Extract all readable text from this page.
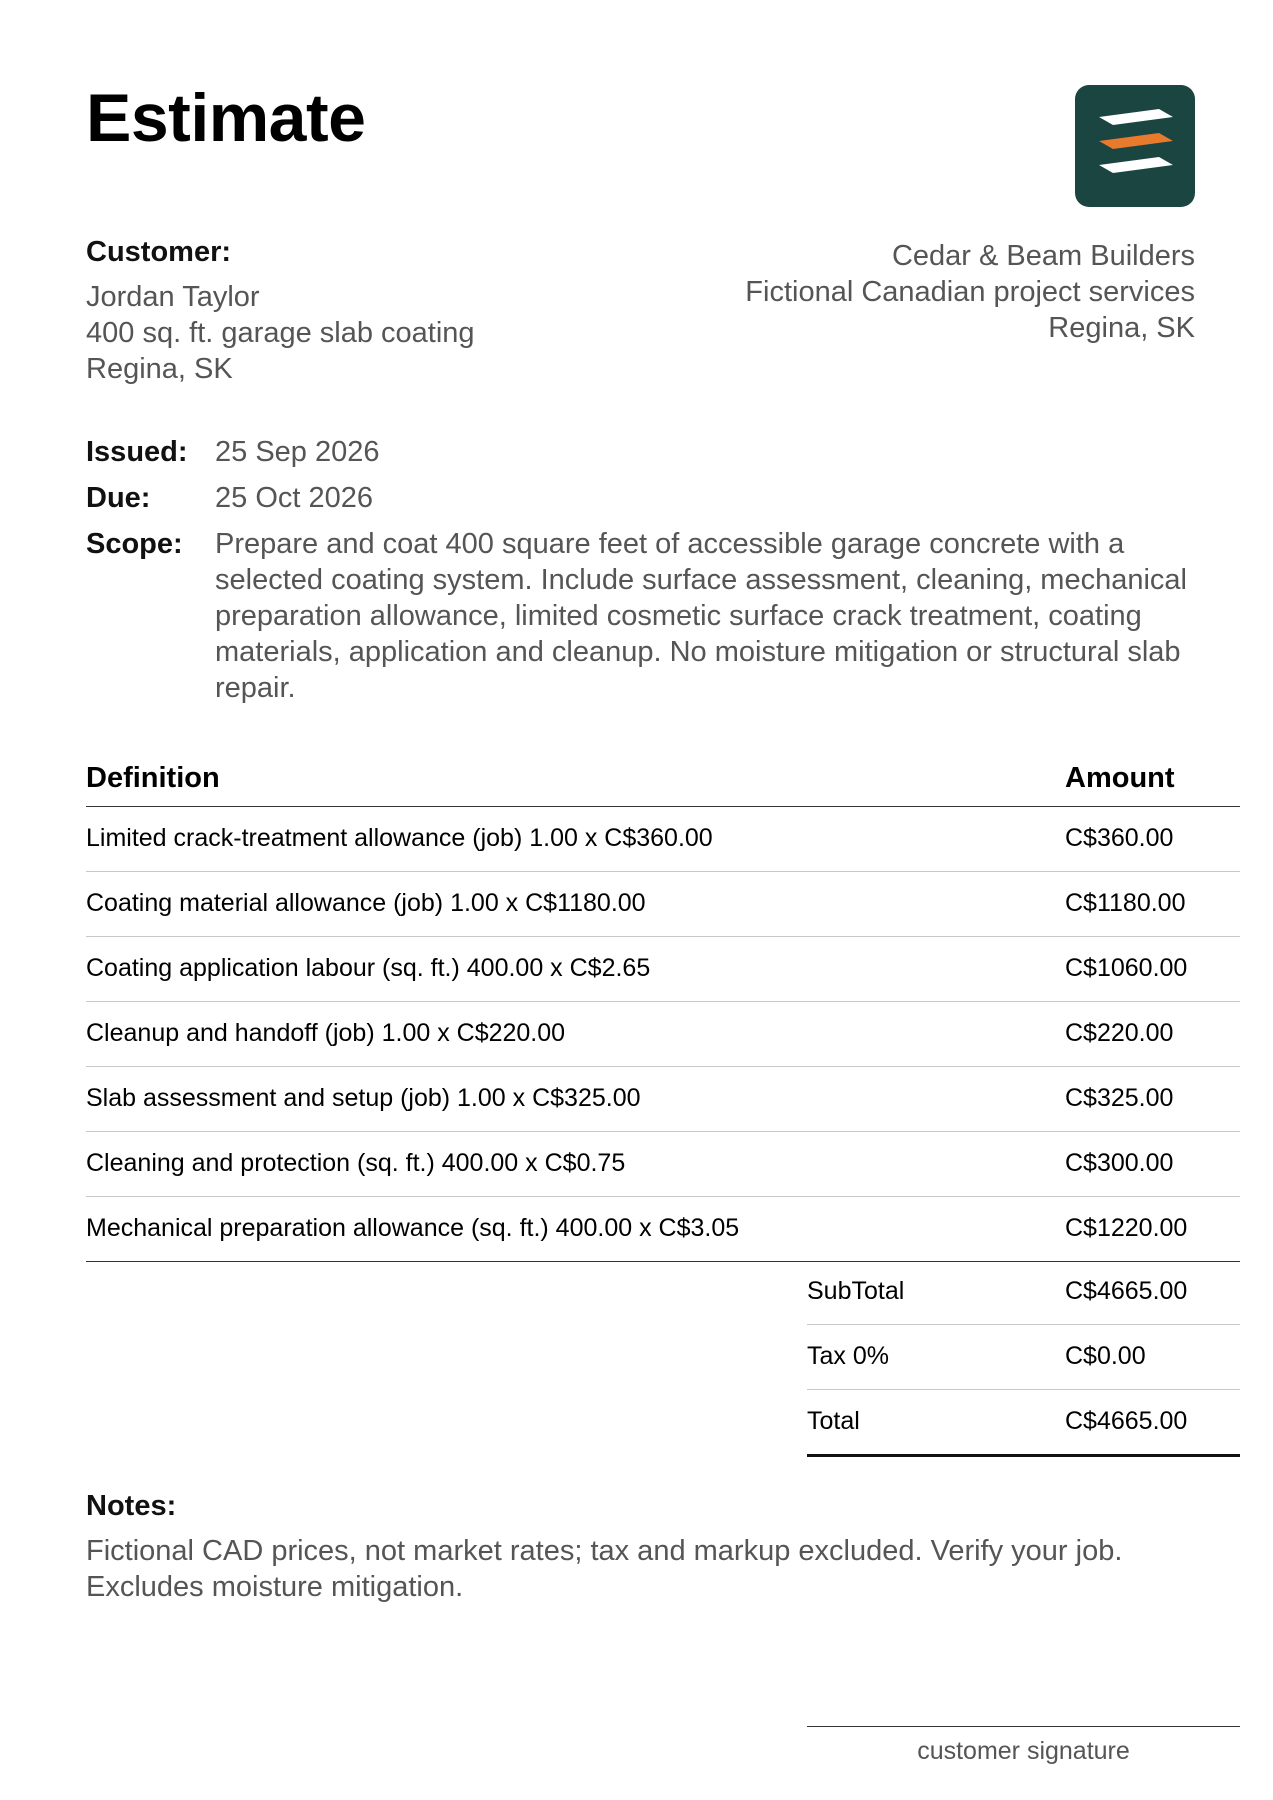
Estimate
Customer:
Jordan Taylor
400 sq. ft. garage slab coating
Regina, SK
Cedar & Beam Builders
Fictional Canadian project services
Regina, SK
Issued: 25 Sep 2026
Due: 25 Oct 2026
Scope: Prepare and coat 400 square feet of accessible garage concrete with a selected coating system. Include surface assessment, cleaning, mechanical preparation allowance, limited cosmetic surface crack treatment, coating materials, application and cleanup. No moisture mitigation or structural slab repair.
Definition	Amount
Limited crack-treatment allowance (job) 1.00 x C$360.00	C$360.00
Coating material allowance (job) 1.00 x C$1180.00	C$1180.00
Coating application labour (sq. ft.) 400.00 x C$2.65	C$1060.00
Cleanup and handoff (job) 1.00 x C$220.00	C$220.00
Slab assessment and setup (job) 1.00 x C$325.00	C$325.00
Cleaning and protection (sq. ft.) 400.00 x C$0.75	C$300.00
Mechanical preparation allowance (sq. ft.) 400.00 x C$3.05	C$1220.00
SubTotal	C$4665.00
Tax 0%	C$0.00
Total	C$4665.00
Notes:
Fictional CAD prices, not market rates; tax and markup excluded. Verify your job. Excludes moisture mitigation.
customer signature
